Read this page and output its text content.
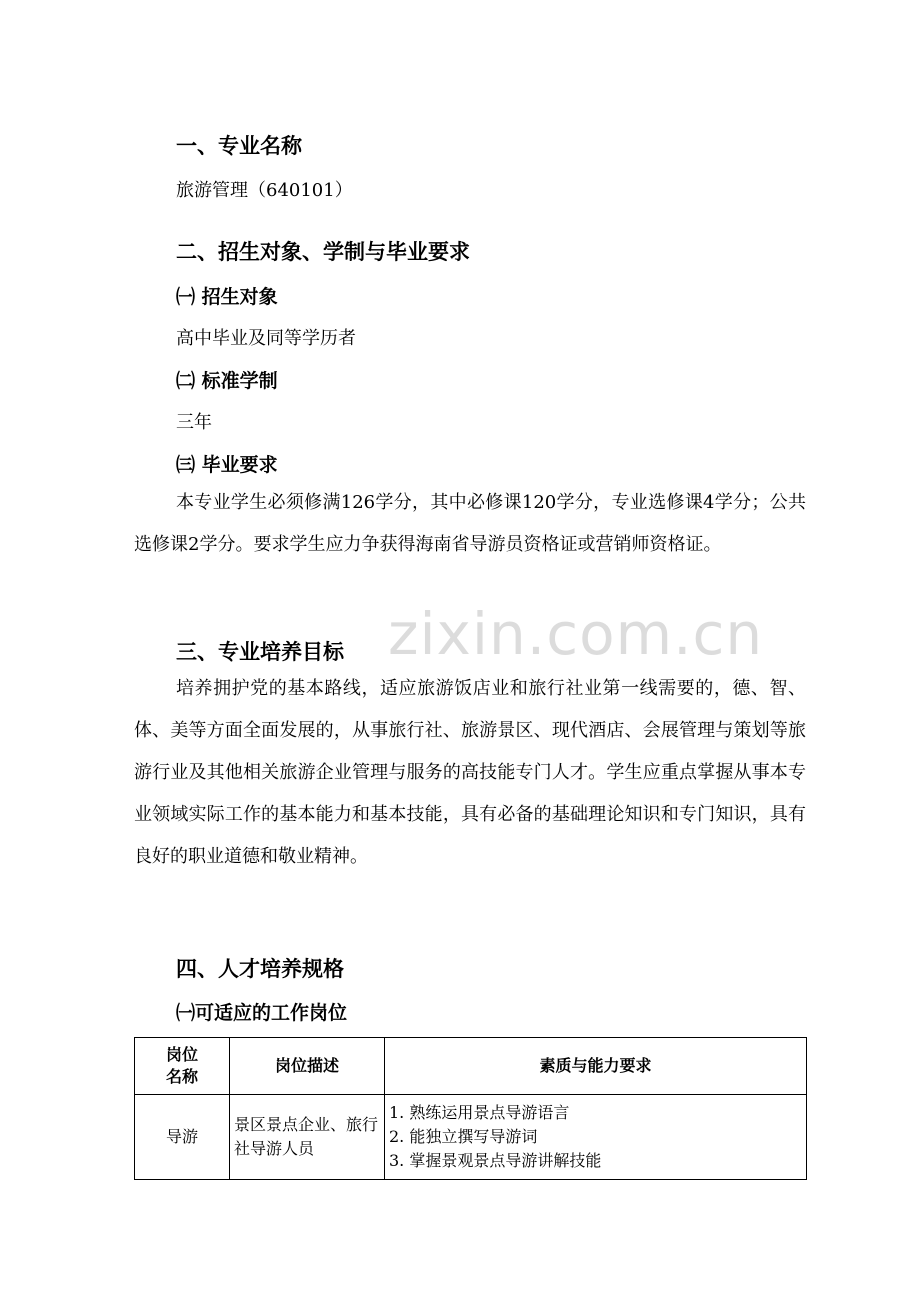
zixin.com.cn
一、专业名称
旅游管理（640101）
二、招生对象、学制与毕业要求
㈠ 招生对象
高中毕业及同等学历者
㈡ 标准学制
三年
㈢ 毕业要求
本专业学生必须修满126学分，其中必修课120学分，专业选修课4学分；公共选修课2学分。要求学生应力争获得海南省导游员资格证或营销师资格证。
三、专业培养目标
培养拥护党的基本路线，适应旅游饭店业和旅行社业第一线需要的，德、智、体、美等方面全面发展的，从事旅行社、旅游景区、现代酒店、会展管理与策划等旅游行业及其他相关旅游企业管理与服务的高技能专门人才。学生应重点掌握从事本专业领域实际工作的基本能力和基本技能，具有必备的基础理论知识和专门知识，具有良好的职业道德和敬业精神。
四、人才培养规格
㈠可适应的工作岗位
岗位名称	岗位描述	素质与能力要求
导游	景区景点企业、旅行社导游人员	1. 熟练运用景点导游语言
2. 能独立撰写导游词
3. 掌握景观景点导游讲解技能
